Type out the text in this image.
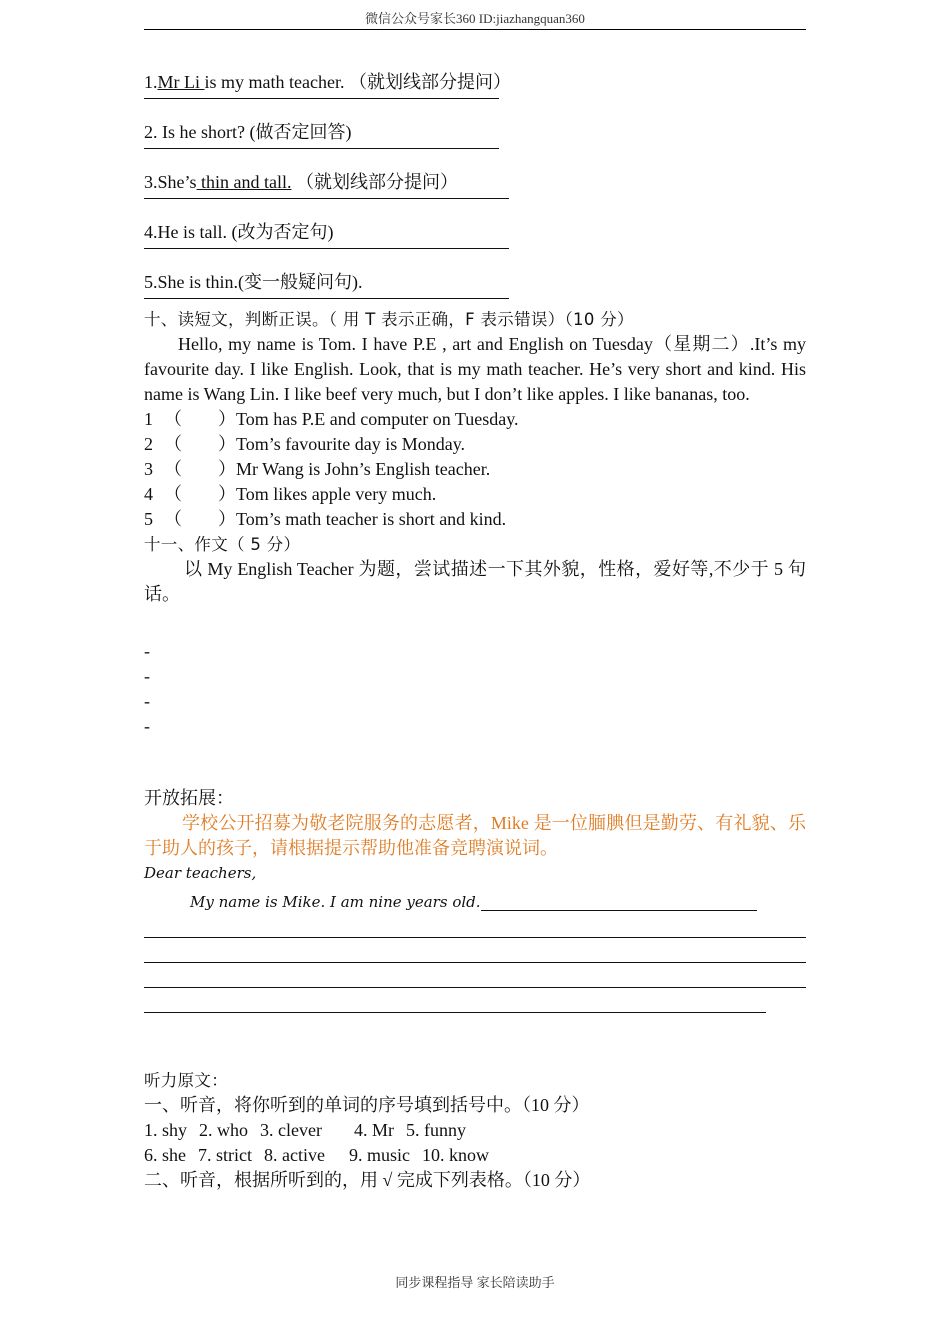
微信公众号家长360 ID:jiazhangquan360
1.Mr Li is my math teacher. （就划线部分提问）
2. Is he short? (做否定回答)
3.She’s thin and tall. （就划线部分提问）
4.He is tall. (改为否定句)
5.She is thin.(变一般疑问句).
十、读短文，判断正误。（ 用 T 表示正确，F 表示错误）（10 分）
Hello, my name is Tom. I have P.E , art and English on Tuesday（星期二）.It’s my favourite day. I like English. Look, that is my math teacher. He’s very short and kind. His name is Wang Lin. I like beef very much, but I don’t like apples. I like bananas, too.
1 （　　） Tom has P.E and computer on Tuesday.
2 （　　） Tom’s favourite day is Monday.
3 （　　） Mr Wang is John’s English teacher.
4 （　　） Tom likes apple very much.
5 （　　） Tom’s math teacher is short and kind.
十一、作文（ 5 分）
以 My English Teacher 为题，尝试描述一下其外貌，性格，爱好等,不少于 5 句话。
-
-
-
-
开放拓展：
学校公开招募为敬老院服务的志愿者，Mike 是一位腼腆但是勤劳、有礼貌、乐于助人的孩子，请根据提示帮助他准备竞聘演说词。
Dear teachers,
My name is Mike. I am nine years old.
听力原文：
一、听音，将你听到的单词的序号填到括号中。（10 分）
1. shy 2. who 3. clever 4. Mr 5. funny
6. she 7. strict 8. active 9. music 10. know
二、听音，根据所听到的，用 √ 完成下列表格。（10 分）
同步课程指导 家长陪读助手
